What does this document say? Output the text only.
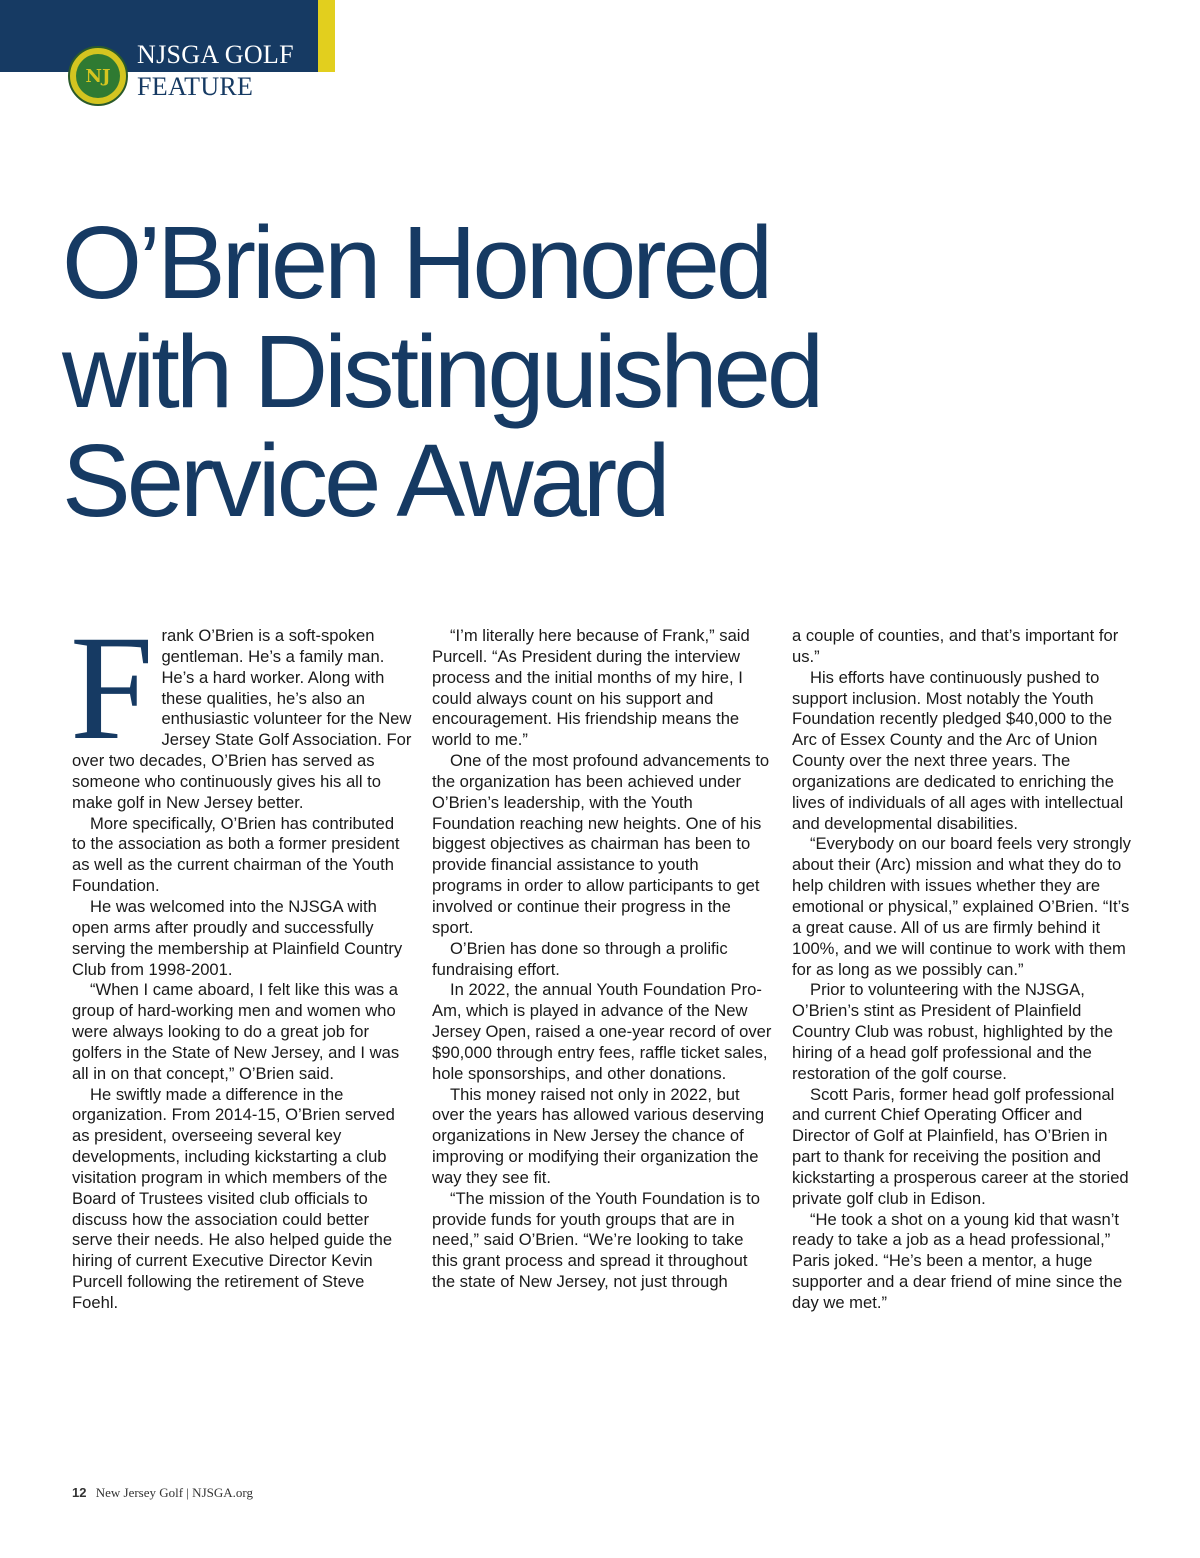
NJ
NJSGA GOLF
FEATURE
O’Brien Honored
with Distinguished
Service Award

Frank O’Brien is a soft-spoken gentleman. He’s a family man. He’s a hard worker. Along with these qualities, he’s also an enthusiastic volunteer for the New Jersey State Golf Association. For over two decades, O’Brien has served as someone who continuously gives his all to make golf in New Jersey better.

More specifically, O’Brien has contributed to the association as both a former president as well as the current chairman of the Youth Foundation.

He was welcomed into the NJSGA with open arms after proudly and successfully serving the membership at Plainfield Country Club from 1998-2001.

“When I came aboard, I felt like this was a group of hard-working men and women who were always looking to do a great job for golfers in the State of New Jersey, and I was all in on that concept,” O’Brien said.

He swiftly made a difference in the organization. From 2014-15, O’Brien served as president, overseeing several key developments, including kickstarting a club visitation program in which members of the Board of Trustees visited club officials to discuss how the association could better serve their needs. He also helped guide the hiring of current Executive Director Kevin Purcell following the retirement of Steve Foehl.

“I’m literally here because of Frank,” said Purcell. “As President during the interview process and the initial months of my hire, I could always count on his support and encouragement. His friendship means the world to me.”

One of the most profound advancements to the organization has been achieved under O’Brien’s leadership, with the Youth Foundation reaching new heights. One of his biggest objectives as chairman has been to provide financial assistance to youth programs in order to allow participants to get involved or continue their progress in the sport.

O’Brien has done so through a prolific fundraising effort.

In 2022, the annual Youth Foundation Pro-Am, which is played in advance of the New Jersey Open, raised a one-year record of over $90,000 through entry fees, raffle ticket sales, hole sponsorships, and other donations.

This money raised not only in 2022, but over the years has allowed various deserving organizations in New Jersey the chance of improving or modifying their organization the way they see fit.

“The mission of the Youth Foundation is to provide funds for youth groups that are in need,” said O’Brien. “We’re looking to take this grant process and spread it throughout the state of New Jersey, not just through

a couple of counties, and that’s important for us.”

His efforts have continuously pushed to support inclusion. Most notably the Youth Foundation recently pledged $40,000 to the Arc of Essex County and the Arc of Union County over the next three years. The organizations are dedicated to enriching the lives of individuals of all ages with intellectual and developmental disabilities.

“Everybody on our board feels very strongly about their (Arc) mission and what they do to help children with issues whether they are emotional or physical,” explained O’Brien. “It’s a great cause. All of us are firmly behind it 100%, and we will continue to work with them for as long as we possibly can.”

Prior to volunteering with the NJSGA, O’Brien’s stint as President of Plainfield Country Club was robust, highlighted by the hiring of a head golf professional and the restoration of the golf course.

Scott Paris, former head golf professional and current Chief Operating Officer and Director of Golf at Plainfield, has O’Brien in part to thank for receiving the position and kickstarting a prosperous career at the storied private golf club in Edison.

“He took a shot on a young kid that wasn’t ready to take a job as a head professional,” Paris joked. “He’s been a mentor, a huge supporter and a dear friend of mine since the day we met.”

12 New Jersey Golf | NJSGA.org
